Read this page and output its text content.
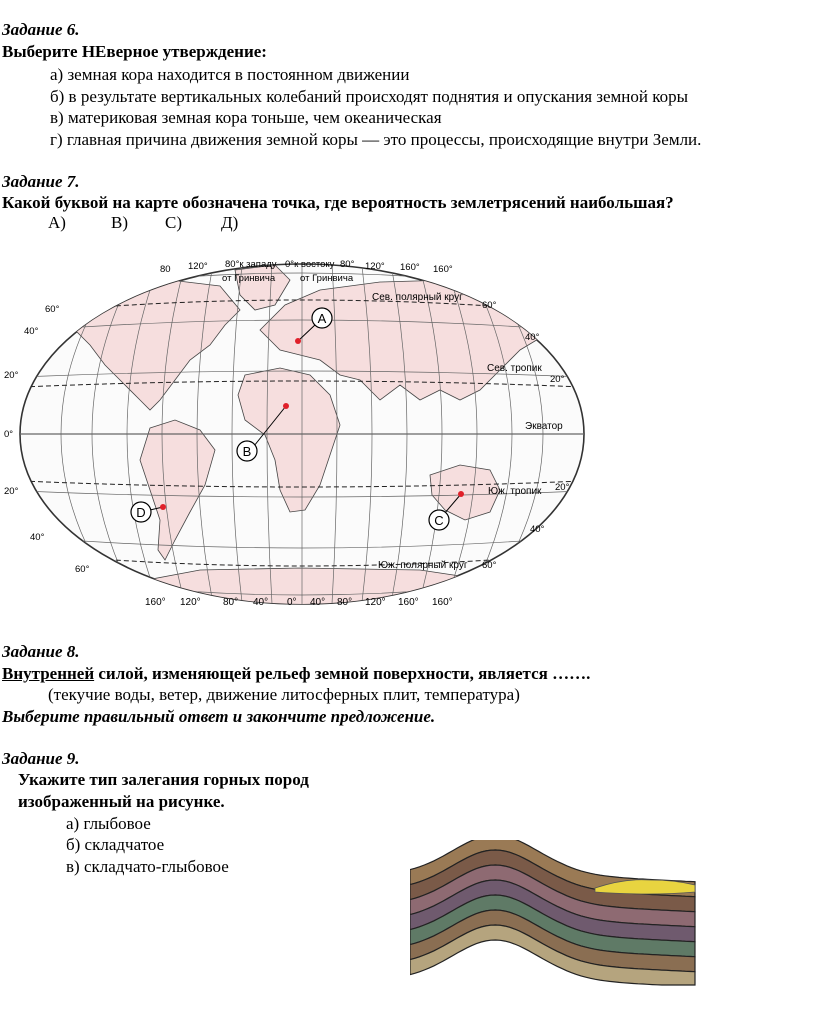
Задание 6.
Выберите НЕверное утверждение:
а) земная кора находится в постоянном движении
б) в результате вертикальных колебаний происходят поднятия и опускания земной коры
в) материковая земная кора тоньше, чем океаническая
г) главная причина движения земной коры — это процессы, происходящие внутри Земли.
Задание 7.
Какой буквой на карте обозначена точка, где вероятность землетрясений наибольшая?
А)	В) С) Д)
80 120° 80°к западу 0°к востоку 80° 120° 160° 160°
от Гринвича	от Гринвича
160° 120° 80° 40° 0° 40° 80° 120° 160° 160°
60°
40°
20°
0°
20°
40°
60°
60°
40°
20°
20°
40°
60°
Сев. полярный круг
Сев. тропик
Экватор
Юж. тропик
Юж. полярный круг
A
B
C
D
Задание 8.
Внутренней силой, изменяющей рельеф земной поверхности, является …….
(текучие воды, ветер, движение литосферных плит, температура)
Выберите правильный ответ и закончите предложение.
Задание 9.
Укажите тип залегания горных пород
изображенный на рисунке.
а) глыбовое
б) складчатое
в) складчато-глыбовое
